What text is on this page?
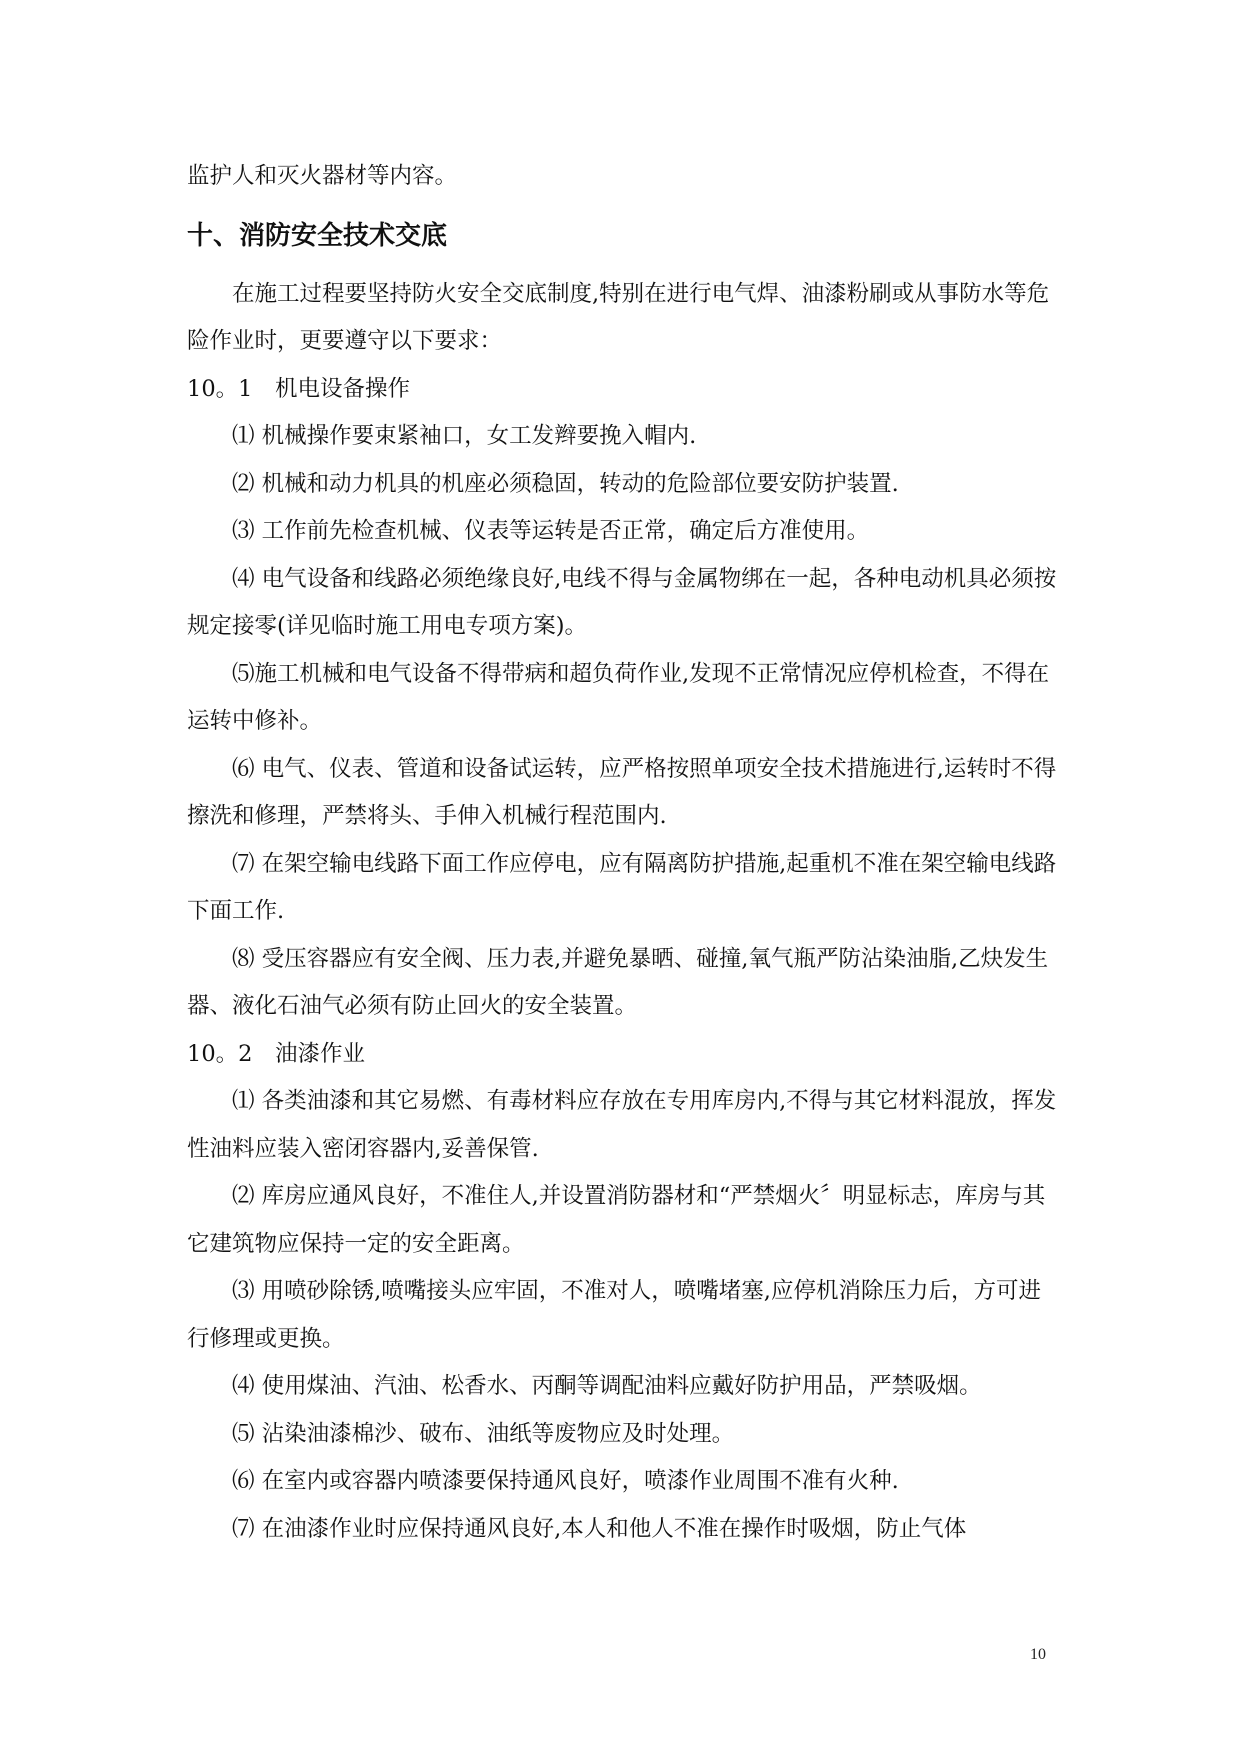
监护人和灭火器材等内容。

十、消防安全技术交底

在施工过程要坚持防火安全交底制度,特别在进行电气焊、油漆粉刷或从事防水等危险作业时，更要遵守以下要求：

10。1　机电设备操作

⑴ 机械操作要束紧袖口，女工发辫要挽入帽内.

⑵ 机械和动力机具的机座必须稳固，转动的危险部位要安防护装置.

⑶ 工作前先检查机械、仪表等运转是否正常，确定后方准使用。

⑷ 电气设备和线路必须绝缘良好,电线不得与金属物绑在一起，各种电动机具必须按规定接零(详见临时施工用电专项方案)。

⑸施工机械和电气设备不得带病和超负荷作业,发现不正常情况应停机检查，不得在运转中修补。

⑹ 电气、仪表、管道和设备试运转，应严格按照单项安全技术措施进行,运转时不得擦洗和修理，严禁将头、手伸入机械行程范围内.

⑺ 在架空输电线路下面工作应停电，应有隔离防护措施,起重机不准在架空输电线路下面工作.

⑻ 受压容器应有安全阀、压力表,并避免暴晒、碰撞,氧气瓶严防沾染油脂,乙炔发生器、液化石油气必须有防止回火的安全装置。

10。2　油漆作业

⑴ 各类油漆和其它易燃、有毒材料应存放在专用库房内,不得与其它材料混放，挥发性油料应装入密闭容器内,妥善保管.

⑵ 库房应通风良好，不准住人,并设置消防器材和“严禁烟火〞明显标志，库房与其它建筑物应保持一定的安全距离。

⑶ 用喷砂除锈,喷嘴接头应牢固，不准对人，喷嘴堵塞,应停机消除压力后，方可进行修理或更换。

⑷ 使用煤油、汽油、松香水、丙酮等调配油料应戴好防护用品，严禁吸烟。

⑸ 沾染油漆棉沙、破布、油纸等废物应及时处理。

⑹ 在室内或容器内喷漆要保持通风良好，喷漆作业周围不准有火种.

⑺ 在油漆作业时应保持通风良好,本人和他人不准在操作时吸烟，防止气体

10
